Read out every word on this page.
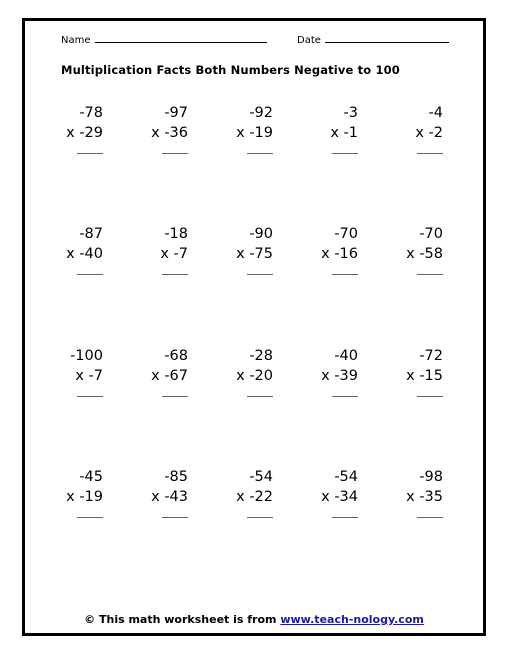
Name	Date
Multiplication Facts Both Numbers Negative to 100
-78
x -29
-97
x -36
-92
x -19
-3
x -1
-4
x -2
-87
x -40
-18
x -7
-90
x -75
-70
x -16
-70
x -58
-100
x -7
-68
x -67
-28
x -20
-40
x -39
-72
x -15
-45
x -19
-85
x -43
-54
x -22
-54
x -34
-98
x -35
© This math worksheet is from www.teach-nology.com
